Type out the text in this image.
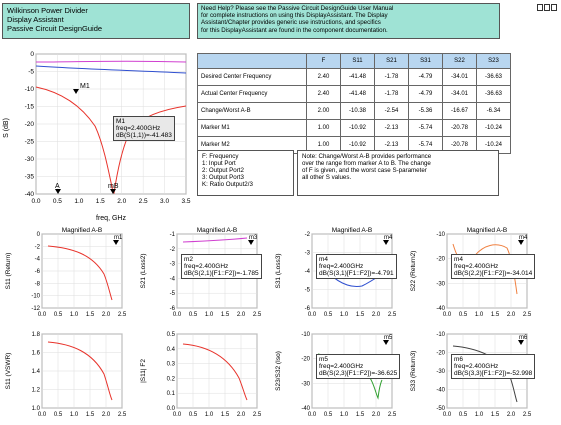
Wilkinson Power Divider
Display Assistant
Passive Circuit DesignGuide
Need Help? Please see the Passive Circuit DesignGuide User Manual
for complete instructions on using this DisplayAssistant. The Display
Assistant/Chapter provides generic use instructions, and specifics
for this DisplayAssistant are found in the component documentation.
0
-5
-10
-15
-20
-25
-30
-35
-40
0.0 0.5 1.0 1.5 2.0 2.5 3.0 3.5
S (dB)
freq, GHz
M1
A	mB
M1
freq=2.400GHz
dB(S(1,1))=-41.483
	F	S11	S21	S31	S22	S23
Desired Center Frequency	2.40	-41.48	-1.78	-4.79	-34.01	-36.63
Actual Center Frequency	2.40	-41.48	-1.78	-4.79	-34.01	-36.63
Change/Worst A-B	2.00	-10.38	-2.54	-5.36	-16.67	-6.34
Marker M1	1.00	-10.92	-2.13	-5.74	-20.78	-10.24
Marker M2	1.00	-10.92	-2.13	-5.74	-20.78	-10.24
F: Frequency
1: Input Port
2: Output Port2
3: Output Port3
K: Ratio Output2/3
Note: Change/Worst A-B provides performance
over the range from marker A to B. The change
of F is given, and the worst case S-parameter
all other S values.
0
-2
-4
-6
-8
-10
-12
0.0 0.5 1.0 1.5 2.0 2.5
Magnified A-B
S11 (Return)
m1	-1
-2
-3
-4
-5
-6
0.0 0.5 1.0 1.5 2.0 2.5
Magnified A-B
S21 (Loss2)
m3
m2
freq=2.400GHz
dB(S(2,1)[F1::F2])=-1.785
-2
-3
-4
-5
-6
0.0 0.5 1.0 1.5 2.0 2.5
Magnified A-B
S31 (Loss3)
m4
m4
freq=2.400GHz
dB(S(3,1)[F1::F2])=-4.791
-10
-20
-30
-40
0.0 0.5 1.0 1.5 2.0 2.5
Magnified A-B
S22 (Return2)
m4
m4
freq=2.400GHz
dB(S(2,2)[F1::F2])=-34.014
1.8
1.6
1.4
1.2
1.0
0.0 0.5 1.0 1.5 2.0 2.5
S11 (VSWR)
0.5
0.4
0.3
0.2
0.1
0.0
0.0 0.5 1.0 1.5 2.0 2.5
|S11| F2
-10
-20
-30
-40
0.0 0.5 1.0 1.5 2.0 2.5
S23/S32 (Iso)
m5
m5
freq=2.400GHz
dB(S(2,3)[F1::F2])=-36.625
-10
-20
-30
-40
-50
0.0 0.5 1.0 1.5 2.0 2.5
S33 (Return3)
m6
m6
freq=2.400GHz
dB(S(3,3)[F1::F2])=-52.998
